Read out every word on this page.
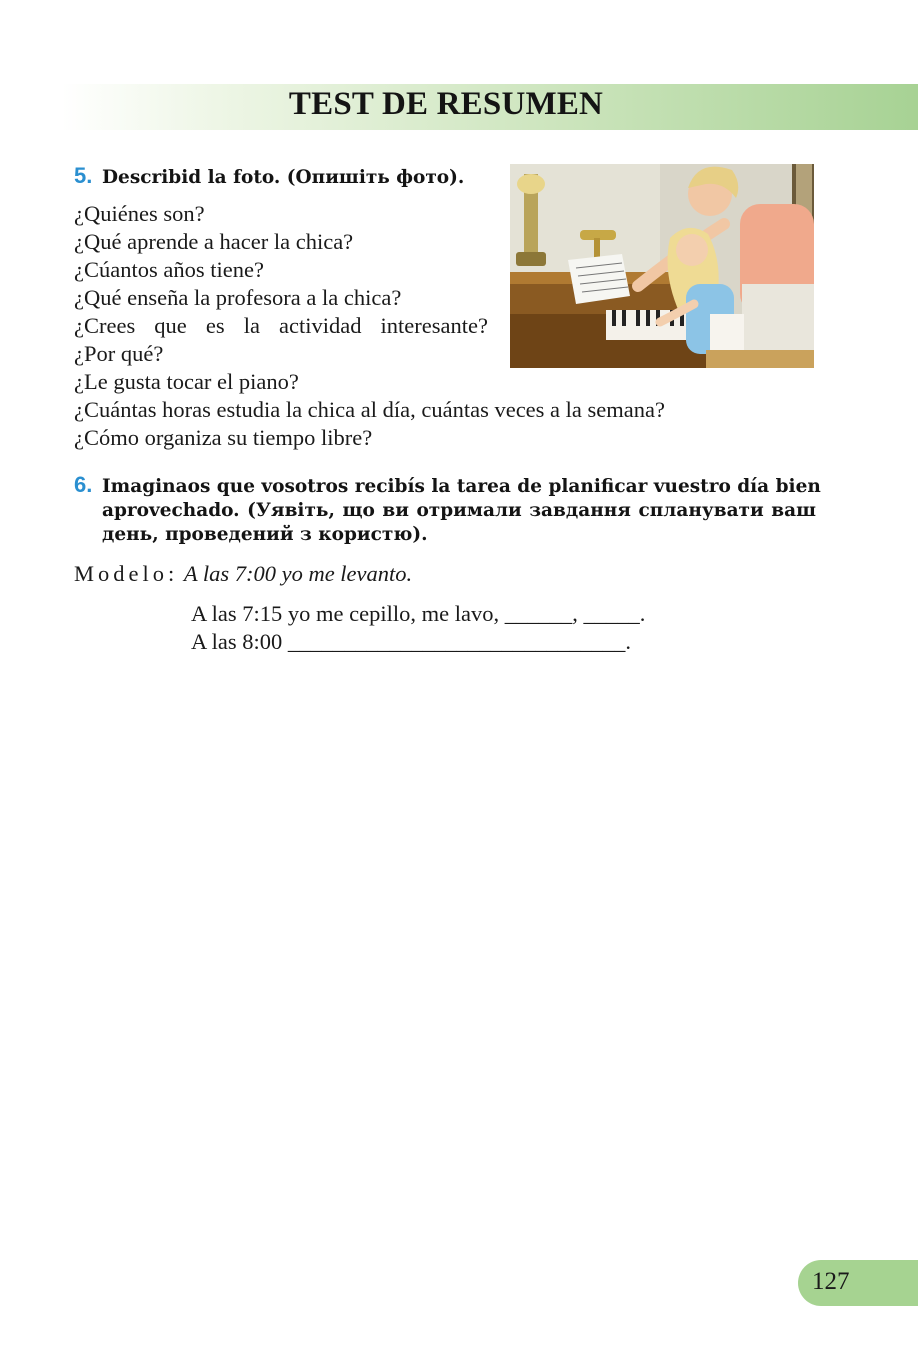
TEST DE RESUMEN
5. Describid la foto. (Опишіть фото).
¿Quiénes son?
¿Qué aprende a hacer la chica?
¿Cúantos años tiene?
¿Qué enseña la profesora a la chica?
¿Crees que es la actividad interesante?
¿Por qué?
¿Le gusta tocar el piano?
¿Cuántas horas estudia la chica al día, cuántas veces a la semana?
¿Cómo organiza su tiempo libre?
6. Imaginaos que vosotros recibís la tarea de planificar vuestro día bien
aprovechado. (Уявіть, що ви отримали завдання спланувати ваш
день, проведений з користю).
Modelo: A las 7:00 yo me levanto.
A las 7:15 yo me cepillo, me lavo, ______, _____.
A las 8:00 ______________________________.
127
